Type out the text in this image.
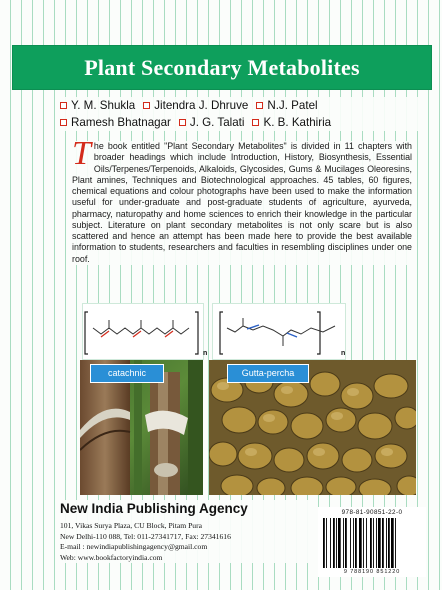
Plant Secondary Metabolites
Y. M. Shukla Jitendra J. Dhruve N.J. Patel
Ramesh Bhatnagar J. G. Talati K. B. Kathiria
The book entitled "Plant Secondary Metabolites" is divided in 11 chapters with broader headings which include Introduction, History, Biosynthesis, Essential Oils/Terpenes/Terpenoids, Alkaloids, Glycosides, Gums & Mucilages Oleoresins, Plant amines, Techniques and Biotechnological approaches. 45 tables, 60 figures, chemical equations and colour photographs have been used to make the information useful for under-graduate and post-graduate students of agriculture, ayurveda, pharmacy, naturopathy and home sciences to enrich their knowledge in the particular subject. Literature on plant secondary metabolites is not only scare but is also scattered and hence an attempt has been made here to provide the best available information to students, researchers and faculties in resembling disciplines under one roof.
n	n
catachnic	Gutta-percha
New India Publishing Agency
101, Vikas Surya Plaza, CU Block, Pitam Pura
New Delhi-110 088, Tel: 011-27341717, Fax: 27341616
E-mail : newindiapublishingagency@gmail.com
Web: www.bookfactoryindia.com
978-81-90851-22-0
9 788190 851220
